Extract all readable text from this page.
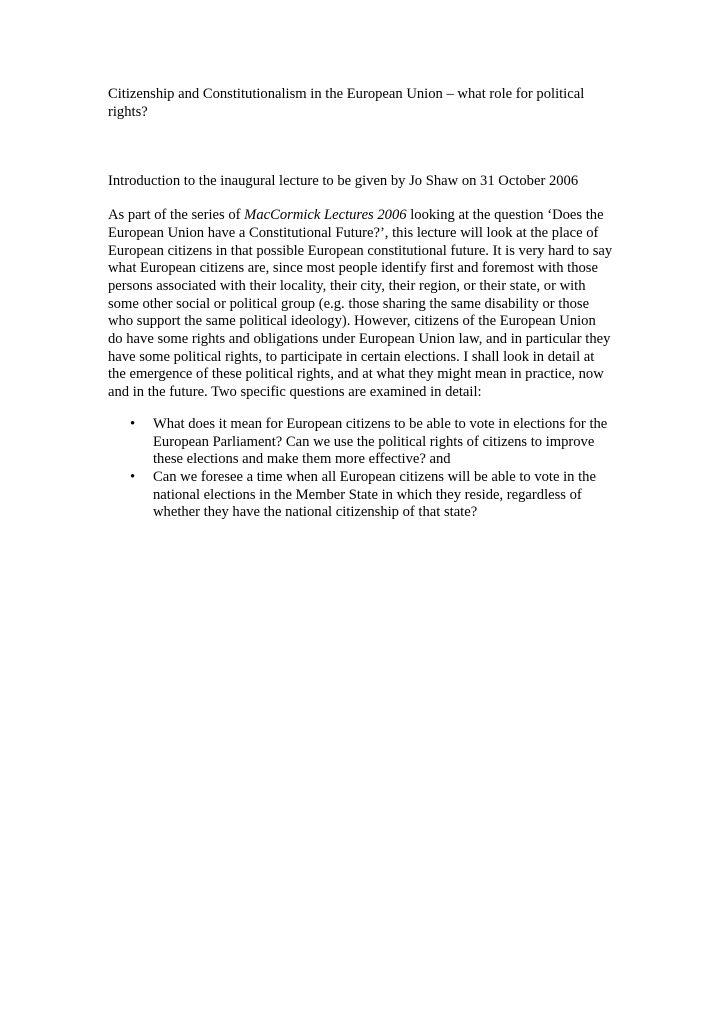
Citizenship and Constitutionalism in the European Union – what role for political rights?

Introduction to the inaugural lecture to be given by Jo Shaw on 31 October 2006

As part of the series of MacCormick Lectures 2006 looking at the question ‘Does the European Union have a Constitutional Future?’, this lecture will look at the place of European citizens in that possible European constitutional future. It is very hard to say what European citizens are, since most people identify first and foremost with those persons associated with their locality, their city, their region, or their state, or with some other social or political group (e.g. those sharing the same disability or those who support the same political ideology). However, citizens of the European Union do have some rights and obligations under European Union law, and in particular they have some political rights, to participate in certain elections. I shall look in detail at the emergence of these political rights, and at what they might mean in practice, now and in the future. Two specific questions are examined in detail:

• What does it mean for European citizens to be able to vote in elections for the European Parliament? Can we use the political rights of citizens to improve these elections and make them more effective? and
• Can we foresee a time when all European citizens will be able to vote in the national elections in the Member State in which they reside, regardless of whether they have the national citizenship of that state?
